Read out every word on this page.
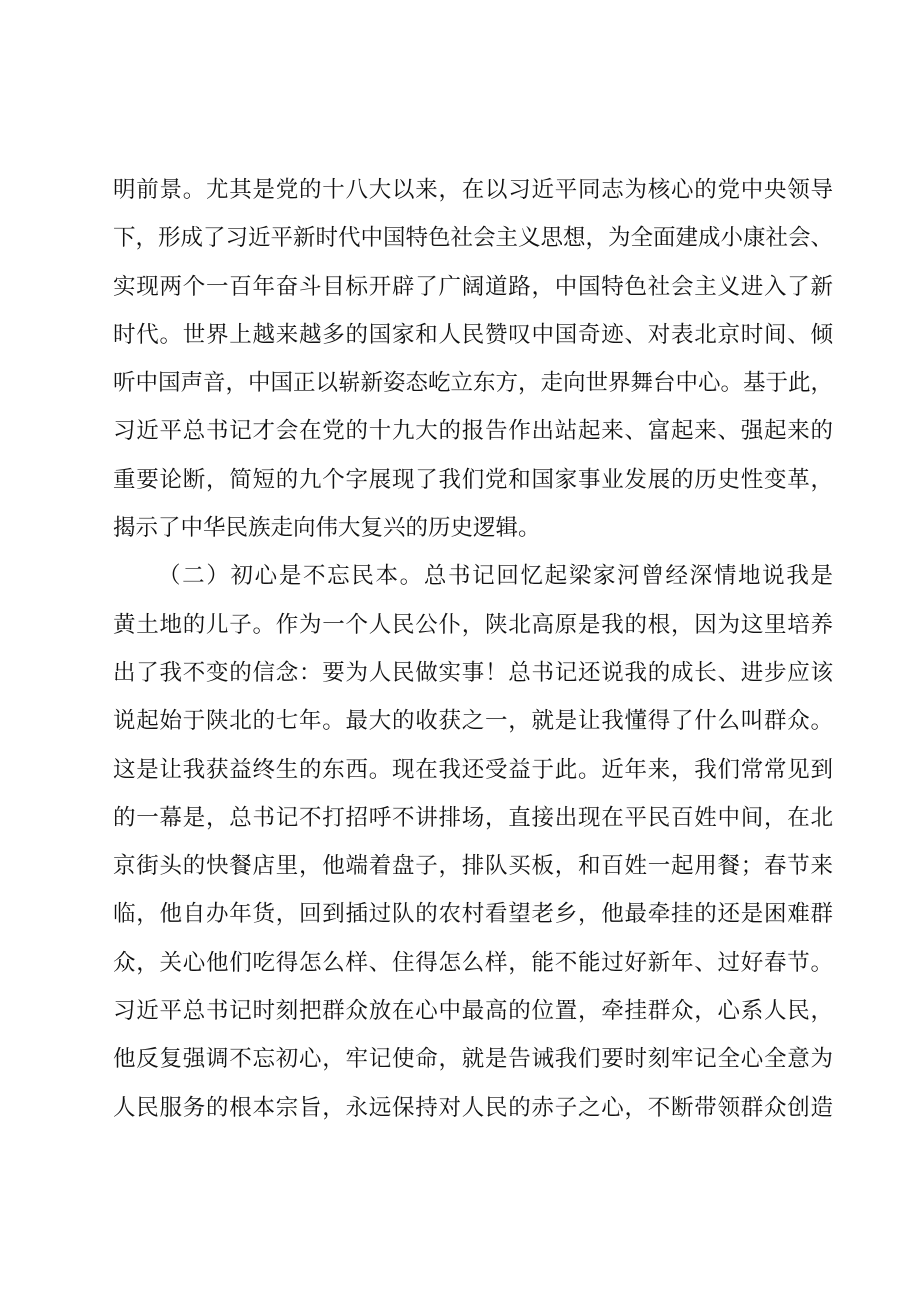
明前景。尤其是党的十八大以来，在以习近平同志为核心的党中央领导
下，形成了习近平新时代中国特色社会主义思想，为全面建成小康社会、
实现两个一百年奋斗目标开辟了广阔道路，中国特色社会主义进入了新
时代。世界上越来越多的国家和人民赞叹中国奇迹、对表北京时间、倾
听中国声音，中国正以崭新姿态屹立东方，走向世界舞台中心。基于此，
习近平总书记才会在党的十九大的报告作出站起来、富起来、强起来的
重要论断，简短的九个字展现了我们党和国家事业发展的历史性变革，
揭示了中华民族走向伟大复兴的历史逻辑。
（二）初心是不忘民本。总书记回忆起梁家河曾经深情地说我是
黄土地的儿子。作为一个人民公仆，陕北高原是我的根，因为这里培养
出了我不变的信念：要为人民做实事！总书记还说我的成长、进步应该
说起始于陕北的七年。最大的收获之一，就是让我懂得了什么叫群众。
这是让我获益终生的东西。现在我还受益于此。近年来，我们常常见到
的一幕是，总书记不打招呼不讲排场，直接出现在平民百姓中间，在北
京街头的快餐店里，他端着盘子，排队买板，和百姓一起用餐；春节来
临，他自办年货，回到插过队的农村看望老乡，他最牵挂的还是困难群
众，关心他们吃得怎么样、住得怎么样，能不能过好新年、过好春节。
习近平总书记时刻把群众放在心中最高的位置，牵挂群众，心系人民，
他反复强调不忘初心，牢记使命，就是告诫我们要时刻牢记全心全意为
人民服务的根本宗旨，永远保持对人民的赤子之心，不断带领群众创造
